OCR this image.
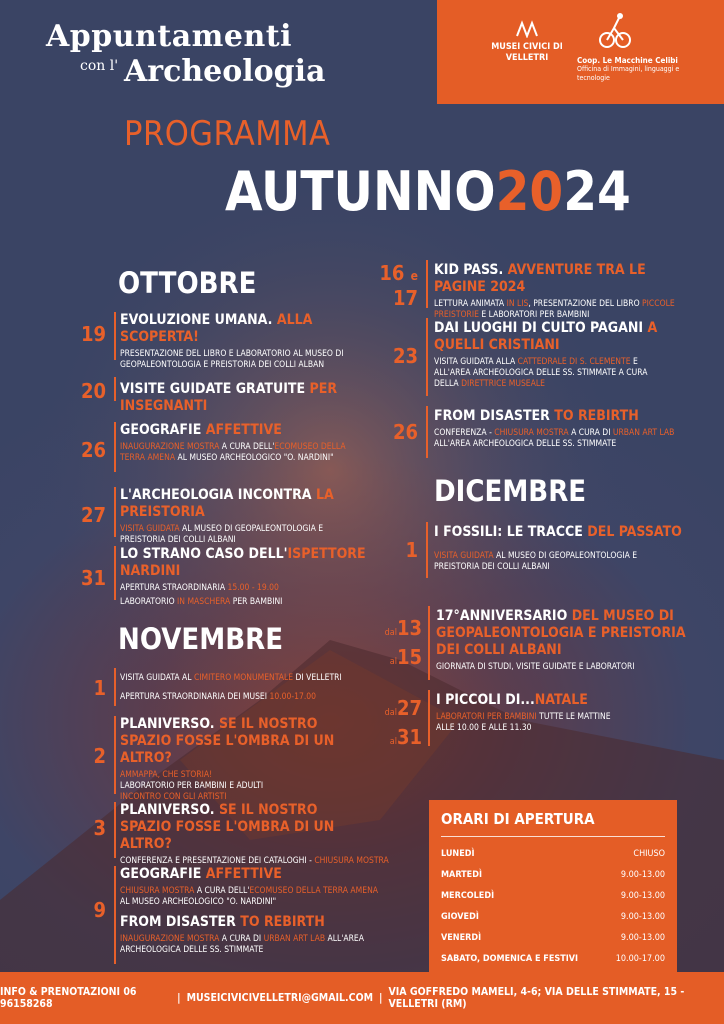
Appuntamenti
con l' Archeologia
MUSEI CIVICI DI VELLETRI	Coop. Le Macchine Celibi
Officina di Immagini, linguaggi e tecnologie
PROGRAMMA
AUTUNNO2024
OTTOBRE
19
EVOLUZIONE UMANA. ALLA SCOPERTA!
PRESENTAZIONE DEL LIBRO E LABORATORIO AL MUSEO DI GEOPALEONTOLOGIA E PREISTORIA DEI COLLI ALBAN
20 VISITE GUIDATE GRATUITE PER INSEGNANTI
26
GEOGRAFIE AFFETTIVE
INAUGURAZIONE MOSTRA A CURA DELL'ECOMUSEO DELLA TERRA AMENA AL MUSEO ARCHEOLOGICO "O. NARDINI"
27
L'ARCHEOLOGIA INCONTRA LA PREISTORIA
VISITA GUIDATA AL MUSEO DI GEOPALEONTOLOGIA E PREISTORIA DEI COLLI ALBANI
31
LO STRANO CASO DELL'ISPETTORE NARDINI
APERTURA STRAORDINARIA 15.00 - 19.00
LABORATORIO IN MASCHERA PER BAMBINI
NOVEMBRE
1 VISITA GUIDATA AL CIMITERO MONUMENTALE DI VELLETRI
APERTURA STRAORDINARIA DEI MUSEI 10.00-17.00
2
PLANIVERSO. SE IL NOSTRO SPAZIO FOSSE L'OMBRA DI UN ALTRO?
AMMAPPA, CHE STORIA!
LABORATORIO PER BAMBINI E ADULTI
INCONTRO CON GLI ARTISTI
3
PLANIVERSO. SE IL NOSTRO SPAZIO FOSSE L'OMBRA DI UN ALTRO?
CONFERENZA E PRESENTAZIONE DEI CATALOGHI - CHIUSURA MOSTRA
9
GEOGRAFIE AFFETTIVE
CHIUSURA MOSTRA A CURA DELL'ECOMUSEO DELLA TERRA AMENA AL MUSEO ARCHEOLOGICO "O. NARDINI"
FROM DISASTER TO REBIRTH
INAUGURAZIONE MOSTRA A CURA DI URBAN ART LAB ALL'AREA ARCHEOLOGICA DELLE SS. STIMMATE
16 e
17
KID PASS. AVVENTURE TRA LE PAGINE 2024
LETTURA ANIMATA IN LIS, PRESENTAZIONE DEL LIBRO PICCOLE PREISTORIE E LABORATORI PER BAMBINI
23
DAI LUOGHI DI CULTO PAGANI A QUELLI CRISTIANI
VISITA GUIDATA ALLA CATTEDRALE DI S. CLEMENTE E ALL'AREA ARCHEOLOGICA DELLE SS. STIMMATE A CURA DELLA DIRETTRICE MUSEALE
26
FROM DISASTER TO REBIRTH
CONFERENZA - CHIUSURA MOSTRA A CURA DI URBAN ART LAB ALL'AREA ARCHEOLOGICA DELLE SS. STIMMATE
DICEMBRE
1
I FOSSILI: LE TRACCE DEL PASSATO
VISITA GUIDATA AL MUSEO DI GEOPALEONTOLOGIA E PREISTORIA DEI COLLI ALBANI
dal13
al15
17°ANNIVERSARIO DEL MUSEO DI GEOPALEONTOLOGIA E PREISTORIA DEI COLLI ALBANI
GIORNATA DI STUDI, VISITE GUIDATE E LABORATORI
dal27
al31
I PICCOLI DI...NATALE
LABORATORI PER BAMBINI TUTTE LE MATTINE
ALLE 10.00 E ALLE 11.30
ORARI DI APERTURA
LUNEDÌ	CHIUSO
MARTEDÌ	9.00-13.00
MERCOLEDÌ	9.00-13.00
GIOVEDÌ	9.00-13.00
VENERDÌ	9.00-13.00
SABATO, DOMENICA E FESTIVI	10.00-17.00
INFO & PRENOTAZIONI 06 96158268	| MUSEICIVICIVELLETRI@GMAIL.COM | VIA GOFFREDO MAMELI, 4-6; VIA DELLE STIMMATE, 15 - VELLETRI (RM)
